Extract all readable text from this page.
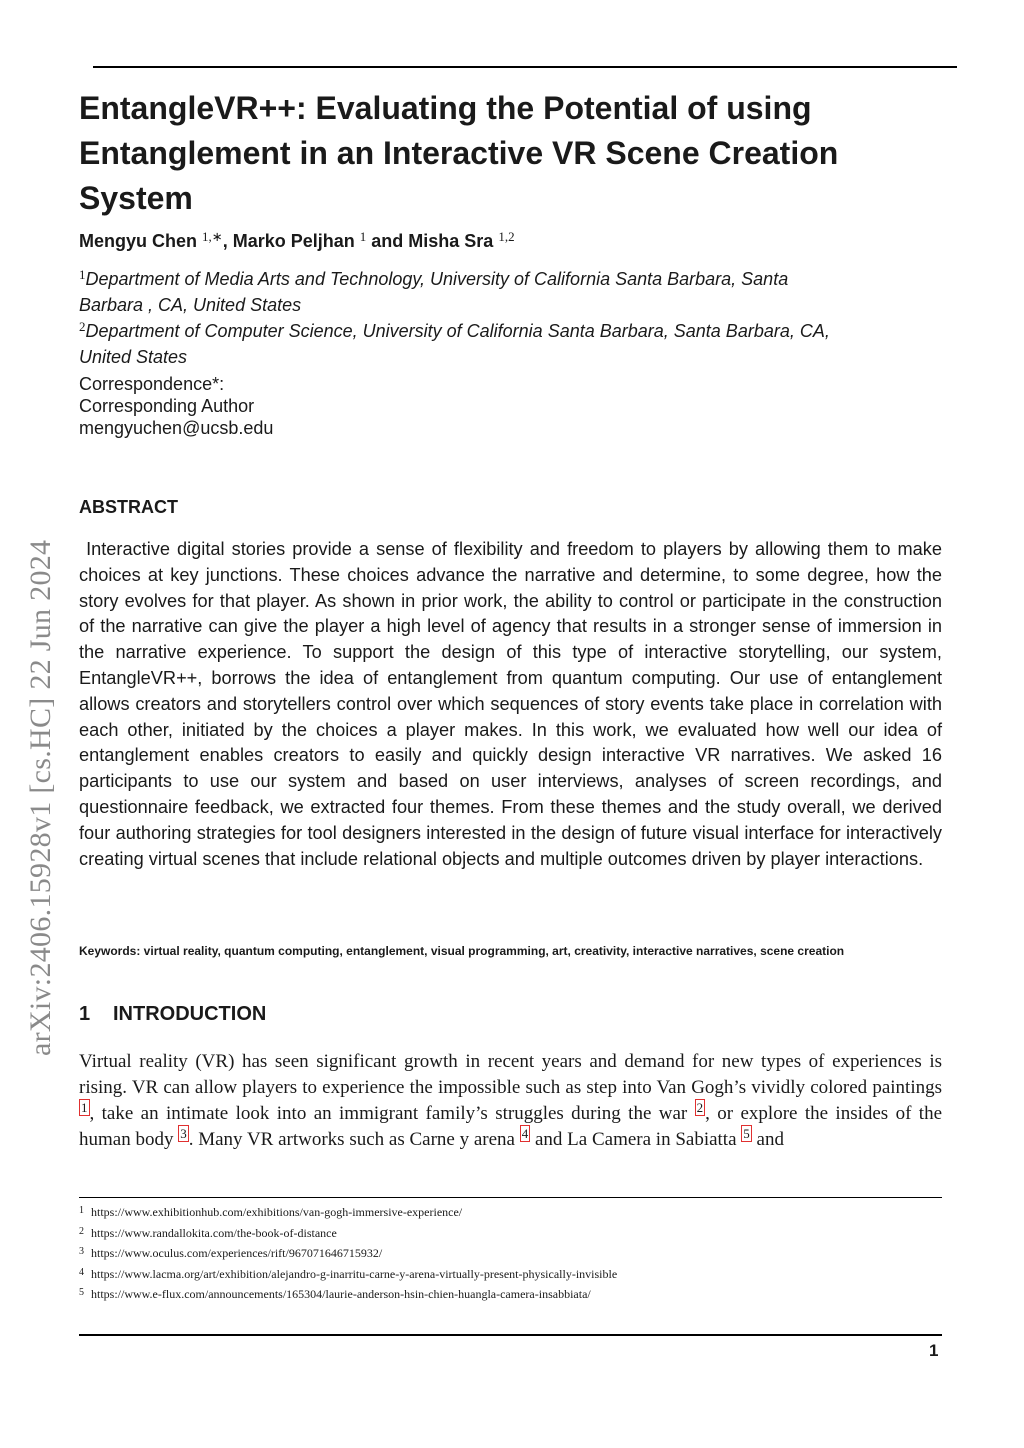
arXiv:2406.15928v1 [cs.HC] 22 Jun 2024
EntangleVR++: Evaluating the Potential of using Entanglement in an Interactive VR Scene Creation System
Mengyu Chen $^{1,∗}$, Marko Peljhan $^1$ and Misha Sra $^{1,2}$
$^1$Department of Media Arts and Technology, University of California Santa Barbara, Santa Barbara , CA, United States
$^2$Department of Computer Science, University of California Santa Barbara, Santa Barbara, CA, United States
Correspondence*:
Corresponding Author
mengyuchen@ucsb.edu
ABSTRACT
Interactive digital stories provide a sense of flexibility and freedom to players by allowing them to make choices at key junctions. These choices advance the narrative and determine, to some degree, how the story evolves for that player. As shown in prior work, the ability to control or participate in the construction of the narrative can give the player a high level of agency that results in a stronger sense of immersion in the narrative experience. To support the design of this type of interactive storytelling, our system, EntangleVR++, borrows the idea of entanglement from quantum computing. Our use of entanglement allows creators and storytellers control over which sequences of story events take place in correlation with each other, initiated by the choices a player makes. In this work, we evaluated how well our idea of entanglement enables creators to easily and quickly design interactive VR narratives. We asked 16 participants to use our system and based on user interviews, analyses of screen recordings, and questionnaire feedback, we extracted four themes. From these themes and the study overall, we derived four authoring strategies for tool designers interested in the design of future visual interface for interactively creating virtual scenes that include relational objects and multiple outcomes driven by player interactions.
Keywords: virtual reality, quantum computing, entanglement, visual programming, art, creativity, interactive narratives, scene creation
1 INTRODUCTION
Virtual reality (VR) has seen significant growth in recent years and demand for new types of experiences is rising. VR can allow players to experience the impossible such as step into Van Gogh’s vividly colored paintings $^1$ , take an intimate look into an immigrant family’s struggles during the war $^2$ , or explore the insides of the human body $^3$ . Many VR artworks such as Carne y arena $^4$ and La Camera in Sabiatta $^5$ and
1 https://www.exhibitionhub.com/exhibitions/van-gogh-immersive-experience/
2 https://www.randallokita.com/the-book-of-distance
3 https://www.oculus.com/experiences/rift/967071646715932/
4 https://www.lacma.org/art/exhibition/alejandro-g-inarritu-carne-y-arena-virtually-present-physically-invisible
5 https://www.e-flux.com/announcements/165304/laurie-anderson-hsin-chien-huangla-camera-insabbiata/
1
